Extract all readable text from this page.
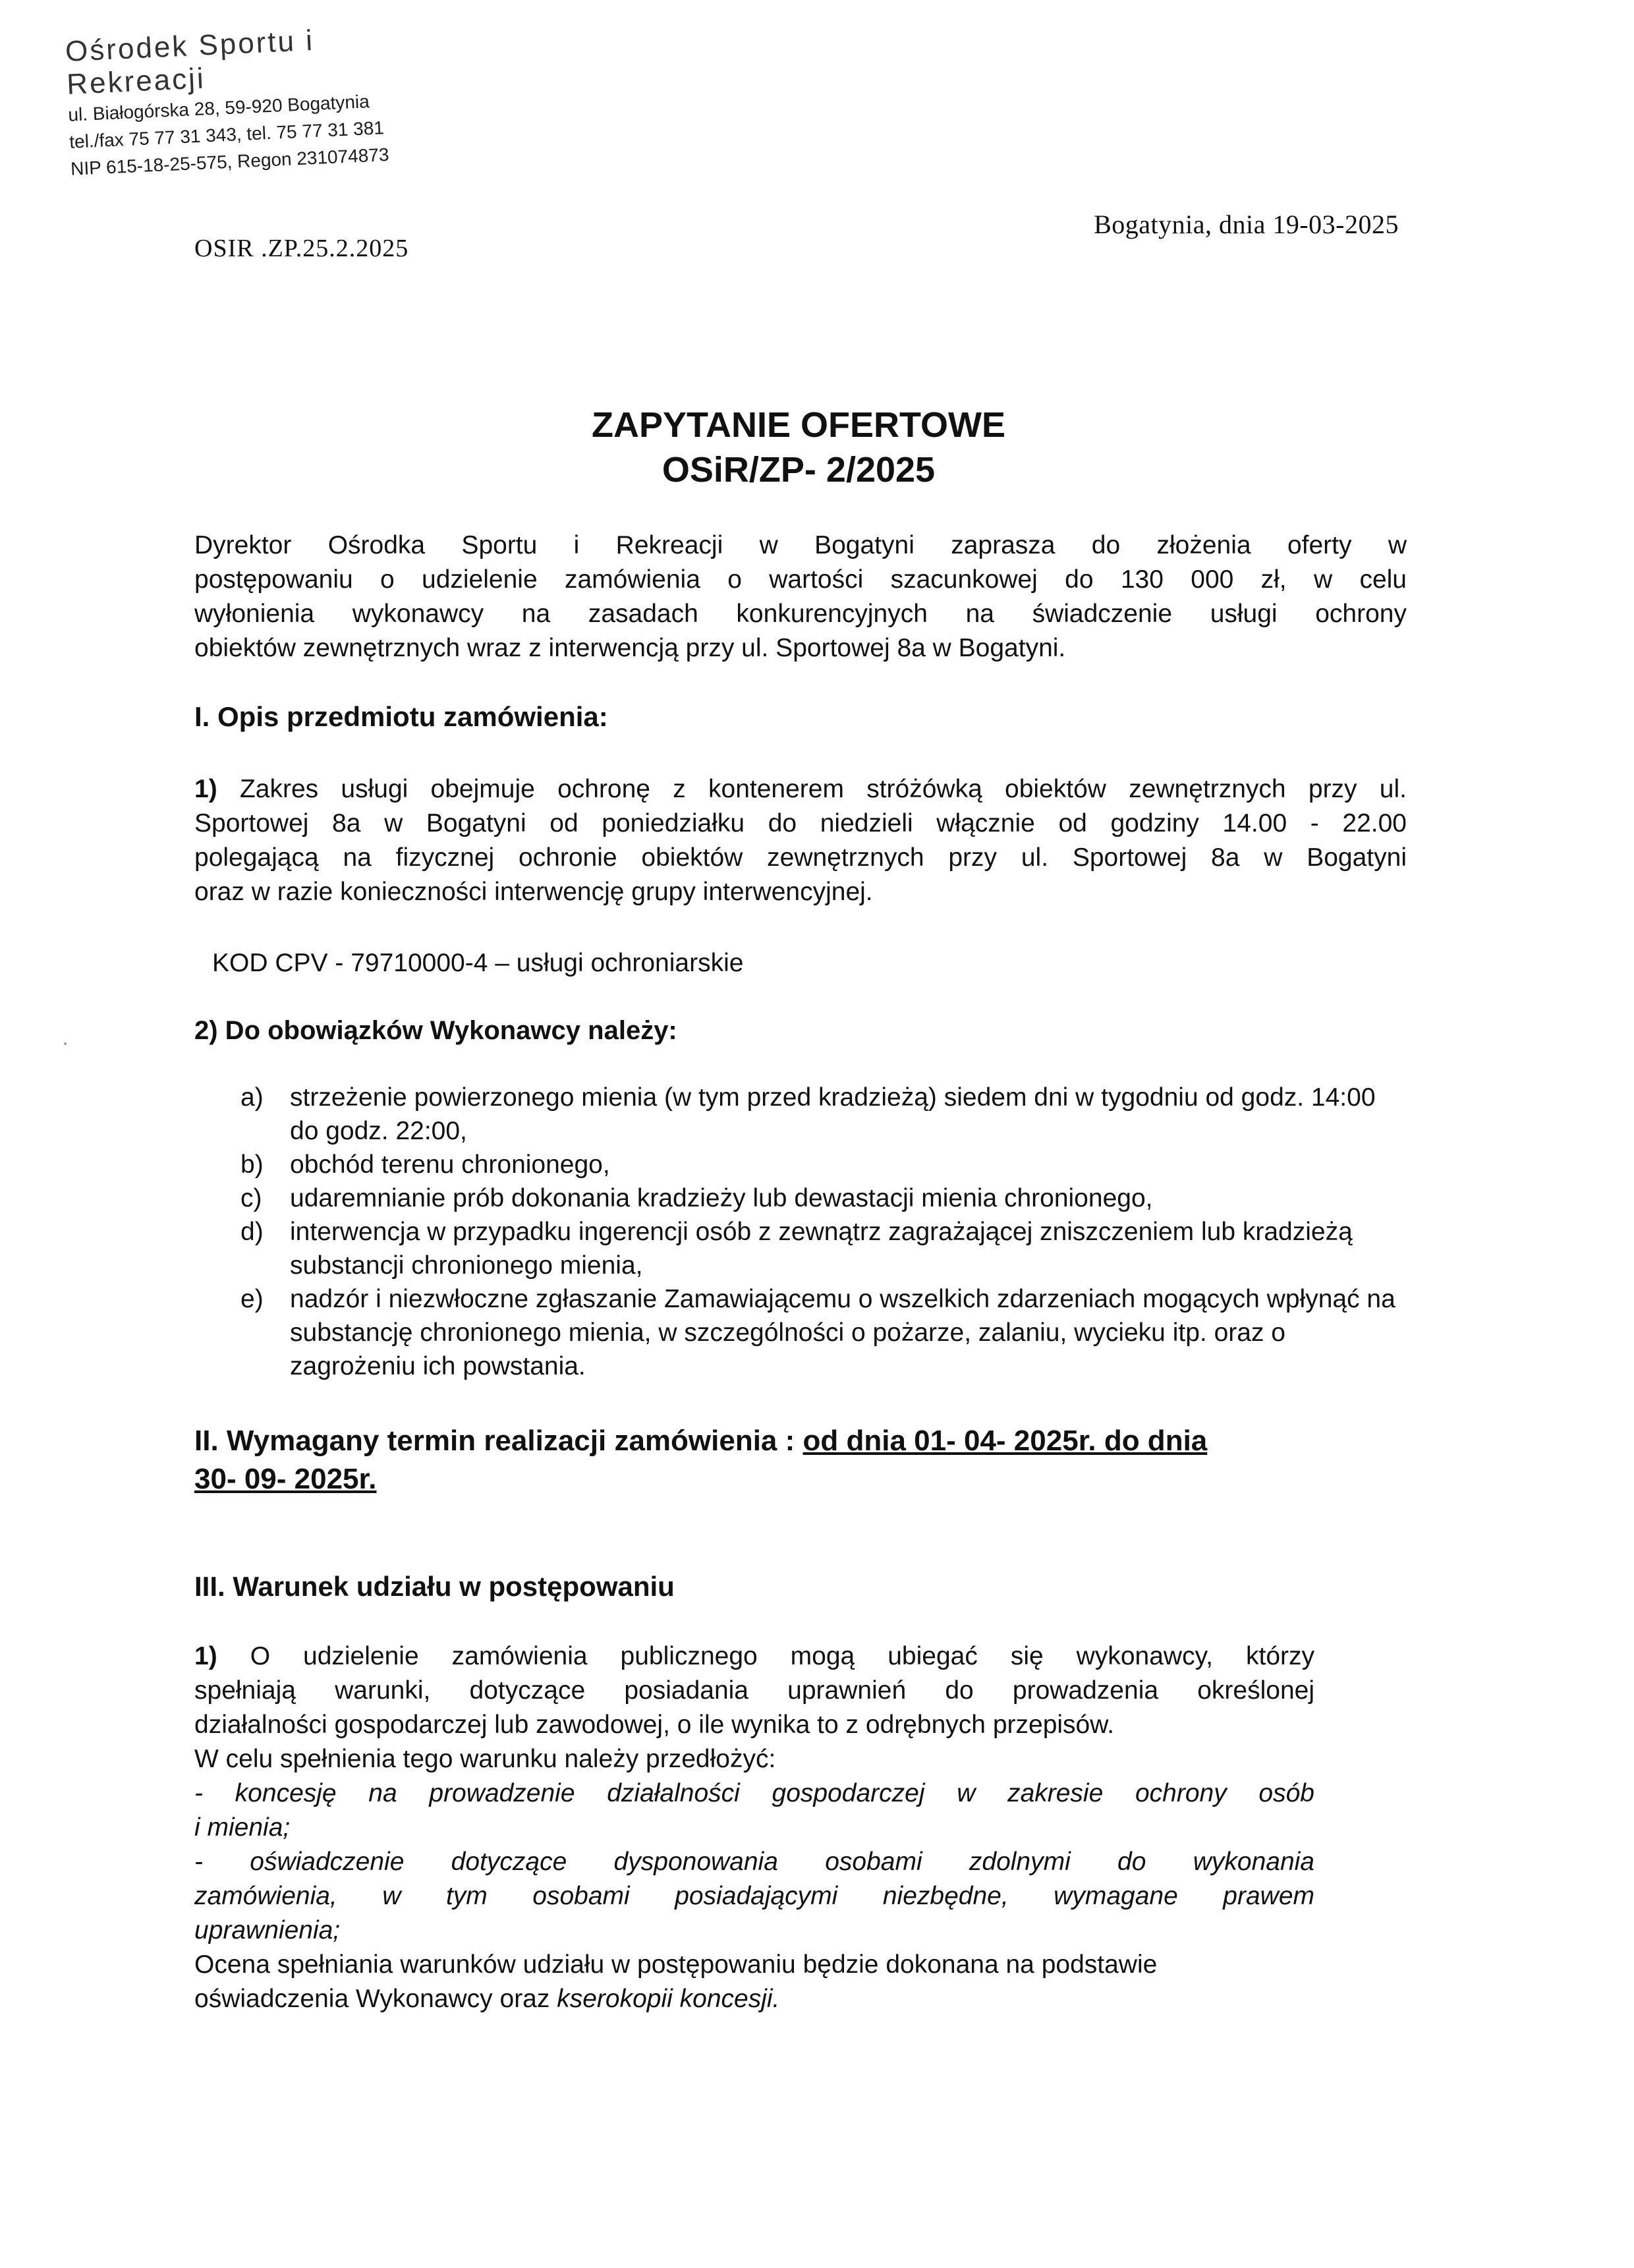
Ośrodek Sportu i Rekreacji
ul. Białogórska 28, 59-920 Bogatynia
tel./fax 75 77 31 343, tel. 75 77 31 381
NIP 615-18-25-575, Regon 231074873
OSIR .ZP.25.2.2025
Bogatynia, dnia 19-03-2025
ZAPYTANIE OFERTOWE
OSiR/ZP- 2/2025
Dyrektor Ośrodka Sportu i Rekreacji w Bogatyni zaprasza do złożenia oferty w
postępowaniu o udzielenie zamówienia o wartości szacunkowej do 130 000 zł, w celu
wyłonienia wykonawcy na zasadach konkurencyjnych na świadczenie usługi ochrony
obiektów zewnętrznych wraz z interwencją przy ul. Sportowej 8a w Bogatyni.
I. Opis przedmiotu zamówienia:
1) Zakres usługi obejmuje ochronę z kontenerem stróżówką obiektów zewnętrznych przy ul.
Sportowej 8a w Bogatyni od poniedziałku do niedzieli włącznie od godziny 14.00 - 22.00
polegającą na fizycznej ochronie obiektów zewnętrznych przy ul. Sportowej 8a w Bogatyni
oraz w razie konieczności interwencję grupy interwencyjnej.
KOD CPV - 79710000-4 – usługi ochroniarskie
2) Do obowiązków Wykonawcy należy:
a) strzeżenie powierzonego mienia (w tym przed kradzieżą) siedem dni w tygodniu od godz. 14:00 do godz. 22:00,
b) obchód terenu chronionego,
c) udaremnianie prób dokonania kradzieży lub dewastacji mienia chronionego,
d) interwencja w przypadku ingerencji osób z zewnątrz zagrażającej zniszczeniem lub kradzieżą substancji chronionego mienia,
e) nadzór i niezwłoczne zgłaszanie Zamawiającemu o wszelkich zdarzeniach mogących wpłynąć na substancję chronionego mienia, w szczególności o pożarze, zalaniu, wycieku itp. oraz o zagrożeniu ich powstania.
II. Wymagany termin realizacji zamówienia : od dnia 01- 04- 2025r. do dnia
30- 09- 2025r.
III. Warunek udziału w postępowaniu
1) O udzielenie zamówienia publicznego mogą ubiegać się wykonawcy, którzy
spełniają warunki, dotyczące posiadania uprawnień do prowadzenia określonej
działalności gospodarczej lub zawodowej, o ile wynika to z odrębnych przepisów.
W celu spełnienia tego warunku należy przedłożyć:
- koncesję na prowadzenie działalności gospodarczej w zakresie ochrony osób
i mienia;
- oświadczenie dotyczące dysponowania osobami zdolnymi do wykonania
zamówienia, w tym osobami posiadającymi niezbędne, wymagane prawem
uprawnienia;
Ocena spełniania warunków udziału w postępowaniu będzie dokonana na podstawie
oświadczenia Wykonawcy oraz kserokopii koncesji.
